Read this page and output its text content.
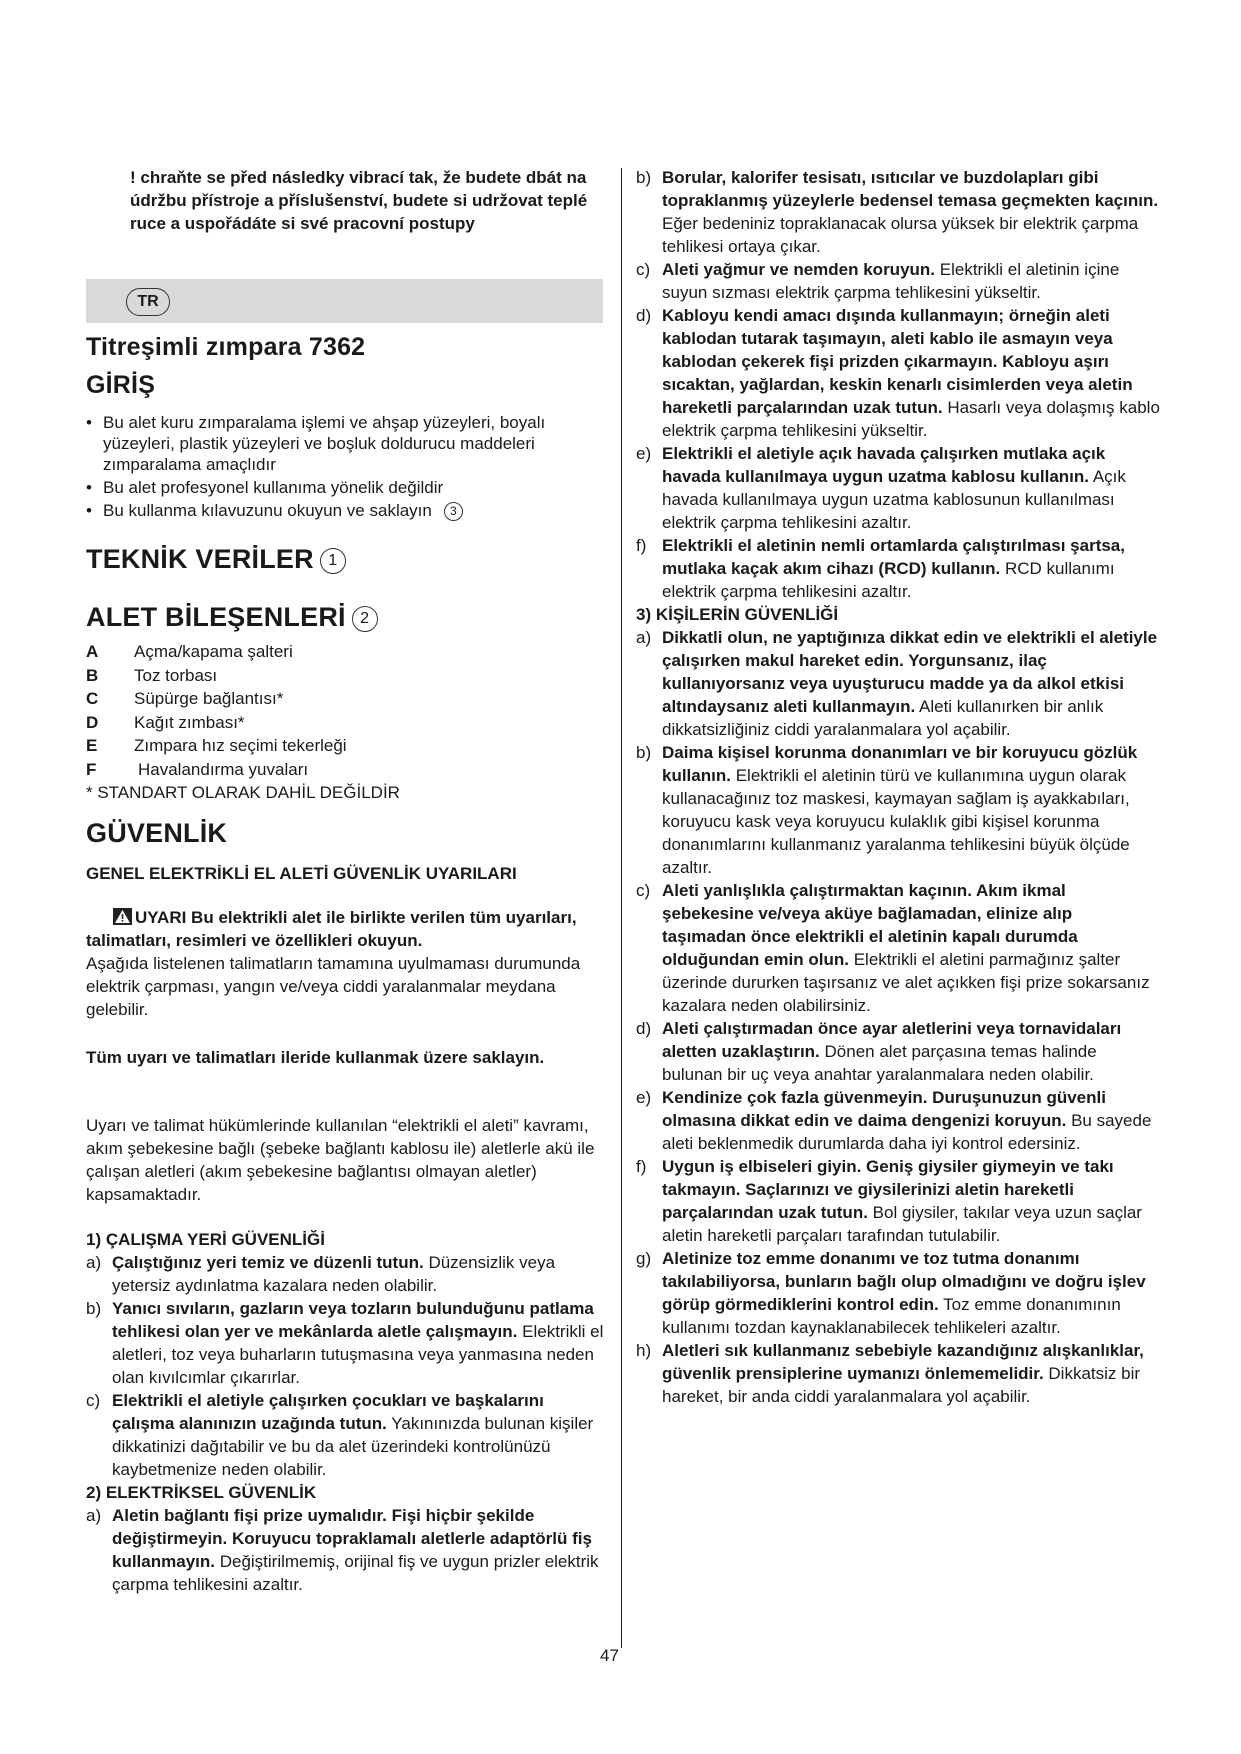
! chraňte se před následky vibrací tak, že budete dbát na údržbu přístroje a příslušenství, budete si udržovat teplé ruce a uspořádáte si své pracovní postupy

TR
Titreşimli zımpara 7362
GİRİŞ
• Bu alet kuru zımparalama işlemi ve ahşap yüzeyleri, boyalı yüzeyleri, plastik yüzeyleri ve boşluk doldurucu maddeleri zımparalama amaçlıdır
• Bu alet profesyonel kullanıma yönelik değildir
• Bu kullanma kılavuzunu okuyun ve saklayın 3
TEKNİK VERİLER 1
ALET BİLEŞENLERİ 2
A	Açma/kapama şalteri
B	Toz torbası
C	Süpürge bağlantısı*
D	Kağıt zımbası*
E	Zımpara hız seçimi tekerleği
F	Havalandırma yuvaları
* STANDART OLARAK DAHİL DEĞİLDİR
GÜVENLİK
GENEL ELEKTRİKLİ EL ALETİ GÜVENLİK UYARILARI
UYARI Bu elektrikli alet ile birlikte verilen tüm uyarıları, talimatları, resimleri ve özellikleri okuyun.
Aşağıda listelenen talimatların tamamına uyulmaması durumunda elektrik çarpması, yangın ve/veya ciddi yaralanmalar meydana gelebilir.
Tüm uyarı ve talimatları ileride kullanmak üzere saklayın.
Uyarı ve talimat hükümlerinde kullanılan “elektrikli el aleti” kavramı, akım şebekesine bağlı (şebeke bağlantı kablosu ile) aletlerle akü ile çalışan aletleri (akım şebekesine bağlantısı olmayan aletler) kapsamaktadır.
1) ÇALIŞMA YERİ GÜVENLİĞİ
a) Çalıştığınız yeri temiz ve düzenli tutun. Düzensizlik veya yetersiz aydınlatma kazalara neden olabilir.
b) Yanıcı sıvıların, gazların veya tozların bulunduğunu patlama tehlikesi olan yer ve mekânlarda aletle çalışmayın. Elektrikli el aletleri, toz veya buharların tutuşmasına veya yanmasına neden olan kıvılcımlar çıkarırlar.
c) Elektrikli el aletiyle çalışırken çocukları ve başkalarını çalışma alanınızın uzağında tutun. Yakınınızda bulunan kişiler dikkatinizi dağıtabilir ve bu da alet üzerindeki kontrolünüzü kaybetmenize neden olabilir.
2) ELEKTRİKSEL GÜVENLİK
a) Aletin bağlantı fişi prize uymalıdır. Fişi hiçbir şekilde değiştirmeyin. Koruyucu topraklamalı aletlerle adaptörlü fiş kullanmayın. Değiştirilmemiş, orijinal fiş ve uygun prizler elektrik çarpma tehlikesini azaltır.
b) Borular, kalorifer tesisatı, ısıtıcılar ve buzdolapları gibi topraklanmış yüzeylerle bedensel temasa geçmekten kaçının. Eğer bedeniniz topraklanacak olursa yüksek bir elektrik çarpma tehlikesi ortaya çıkar.
c) Aleti yağmur ve nemden koruyun. Elektrikli el aletinin içine suyun sızması elektrik çarpma tehlikesini yükseltir.
d) Kabloyu kendi amacı dışında kullanmayın; örneğin aleti kablodan tutarak taşımayın, aleti kablo ile asmayın veya kablodan çekerek fişi prizden çıkarmayın. Kabloyu aşırı sıcaktan, yağlardan, keskin kenarlı cisimlerden veya aletin hareketli parçalarından uzak tutun. Hasarlı veya dolaşmış kablo elektrik çarpma tehlikesini yükseltir.
e) Elektrikli el aletiyle açık havada çalışırken mutlaka açık havada kullanılmaya uygun uzatma kablosu kullanın. Açık havada kullanılmaya uygun uzatma kablosunun kullanılması elektrik çarpma tehlikesini azaltır.
f) Elektrikli el aletinin nemli ortamlarda çalıştırılması şartsa, mutlaka kaçak akım cihazı (RCD) kullanın. RCD kullanımı elektrik çarpma tehlikesini azaltır.
3) KİŞİLERİN GÜVENLİĞİ
a) Dikkatli olun, ne yaptığınıza dikkat edin ve elektrikli el aletiyle çalışırken makul hareket edin. Yorgunsanız, ilaç kullanıyorsanız veya uyuşturucu madde ya da alkol etkisi altındaysanız aleti kullanmayın. Aleti kullanırken bir anlık dikkatsizliğiniz ciddi yaralanmalara yol açabilir.
b) Daima kişisel korunma donanımları ve bir koruyucu gözlük kullanın. Elektrikli el aletinin türü ve kullanımına uygun olarak kullanacağınız toz maskesi, kaymayan sağlam iş ayakkabıları, koruyucu kask veya koruyucu kulaklık gibi kişisel korunma donanımlarını kullanmanız yaralanma tehlikesini büyük ölçüde azaltır.
c) Aleti yanlışlıkla çalıştırmaktan kaçının. Akım ikmal şebekesine ve/veya aküye bağlamadan, elinize alıp taşımadan önce elektrikli el aletinin kapalı durumda olduğundan emin olun. Elektrikli el aletini parmağınız şalter üzerinde dururken taşırsanız ve alet açıkken fişi prize sokarsanız kazalara neden olabilirsiniz.
d) Aleti çalıştırmadan önce ayar aletlerini veya tornavidaları aletten uzaklaştırın. Dönen alet parçasına temas halinde bulunan bir uç veya anahtar yaralanmalara neden olabilir.
e) Kendinize çok fazla güvenmeyin. Duruşunuzun güvenli olmasına dikkat edin ve daima dengenizi koruyun. Bu sayede aleti beklenmedik durumlarda daha iyi kontrol edersiniz.
f) Uygun iş elbiseleri giyin. Geniş giysiler giymeyin ve takı takmayın. Saçlarınızı ve giysilerinizi aletin hareketli parçalarından uzak tutun. Bol giysiler, takılar veya uzun saçlar aletin hareketli parçaları tarafından tutulabilir.
g) Aletinize toz emme donanımı ve toz tutma donanımı takılabiliyorsa, bunların bağlı olup olmadığını ve doğru işlev görüp görmediklerini kontrol edin. Toz emme donanımının kullanımı tozdan kaynaklanabilecek tehlikeleri azaltır.
h) Aletleri sık kullanmanız sebebiyle kazandığınız alışkanlıklar, güvenlik prensiplerine uymanızı önlememelidir. Dikkatsiz bir hareket, bir anda ciddi yaralanmalara yol açabilir.
47
